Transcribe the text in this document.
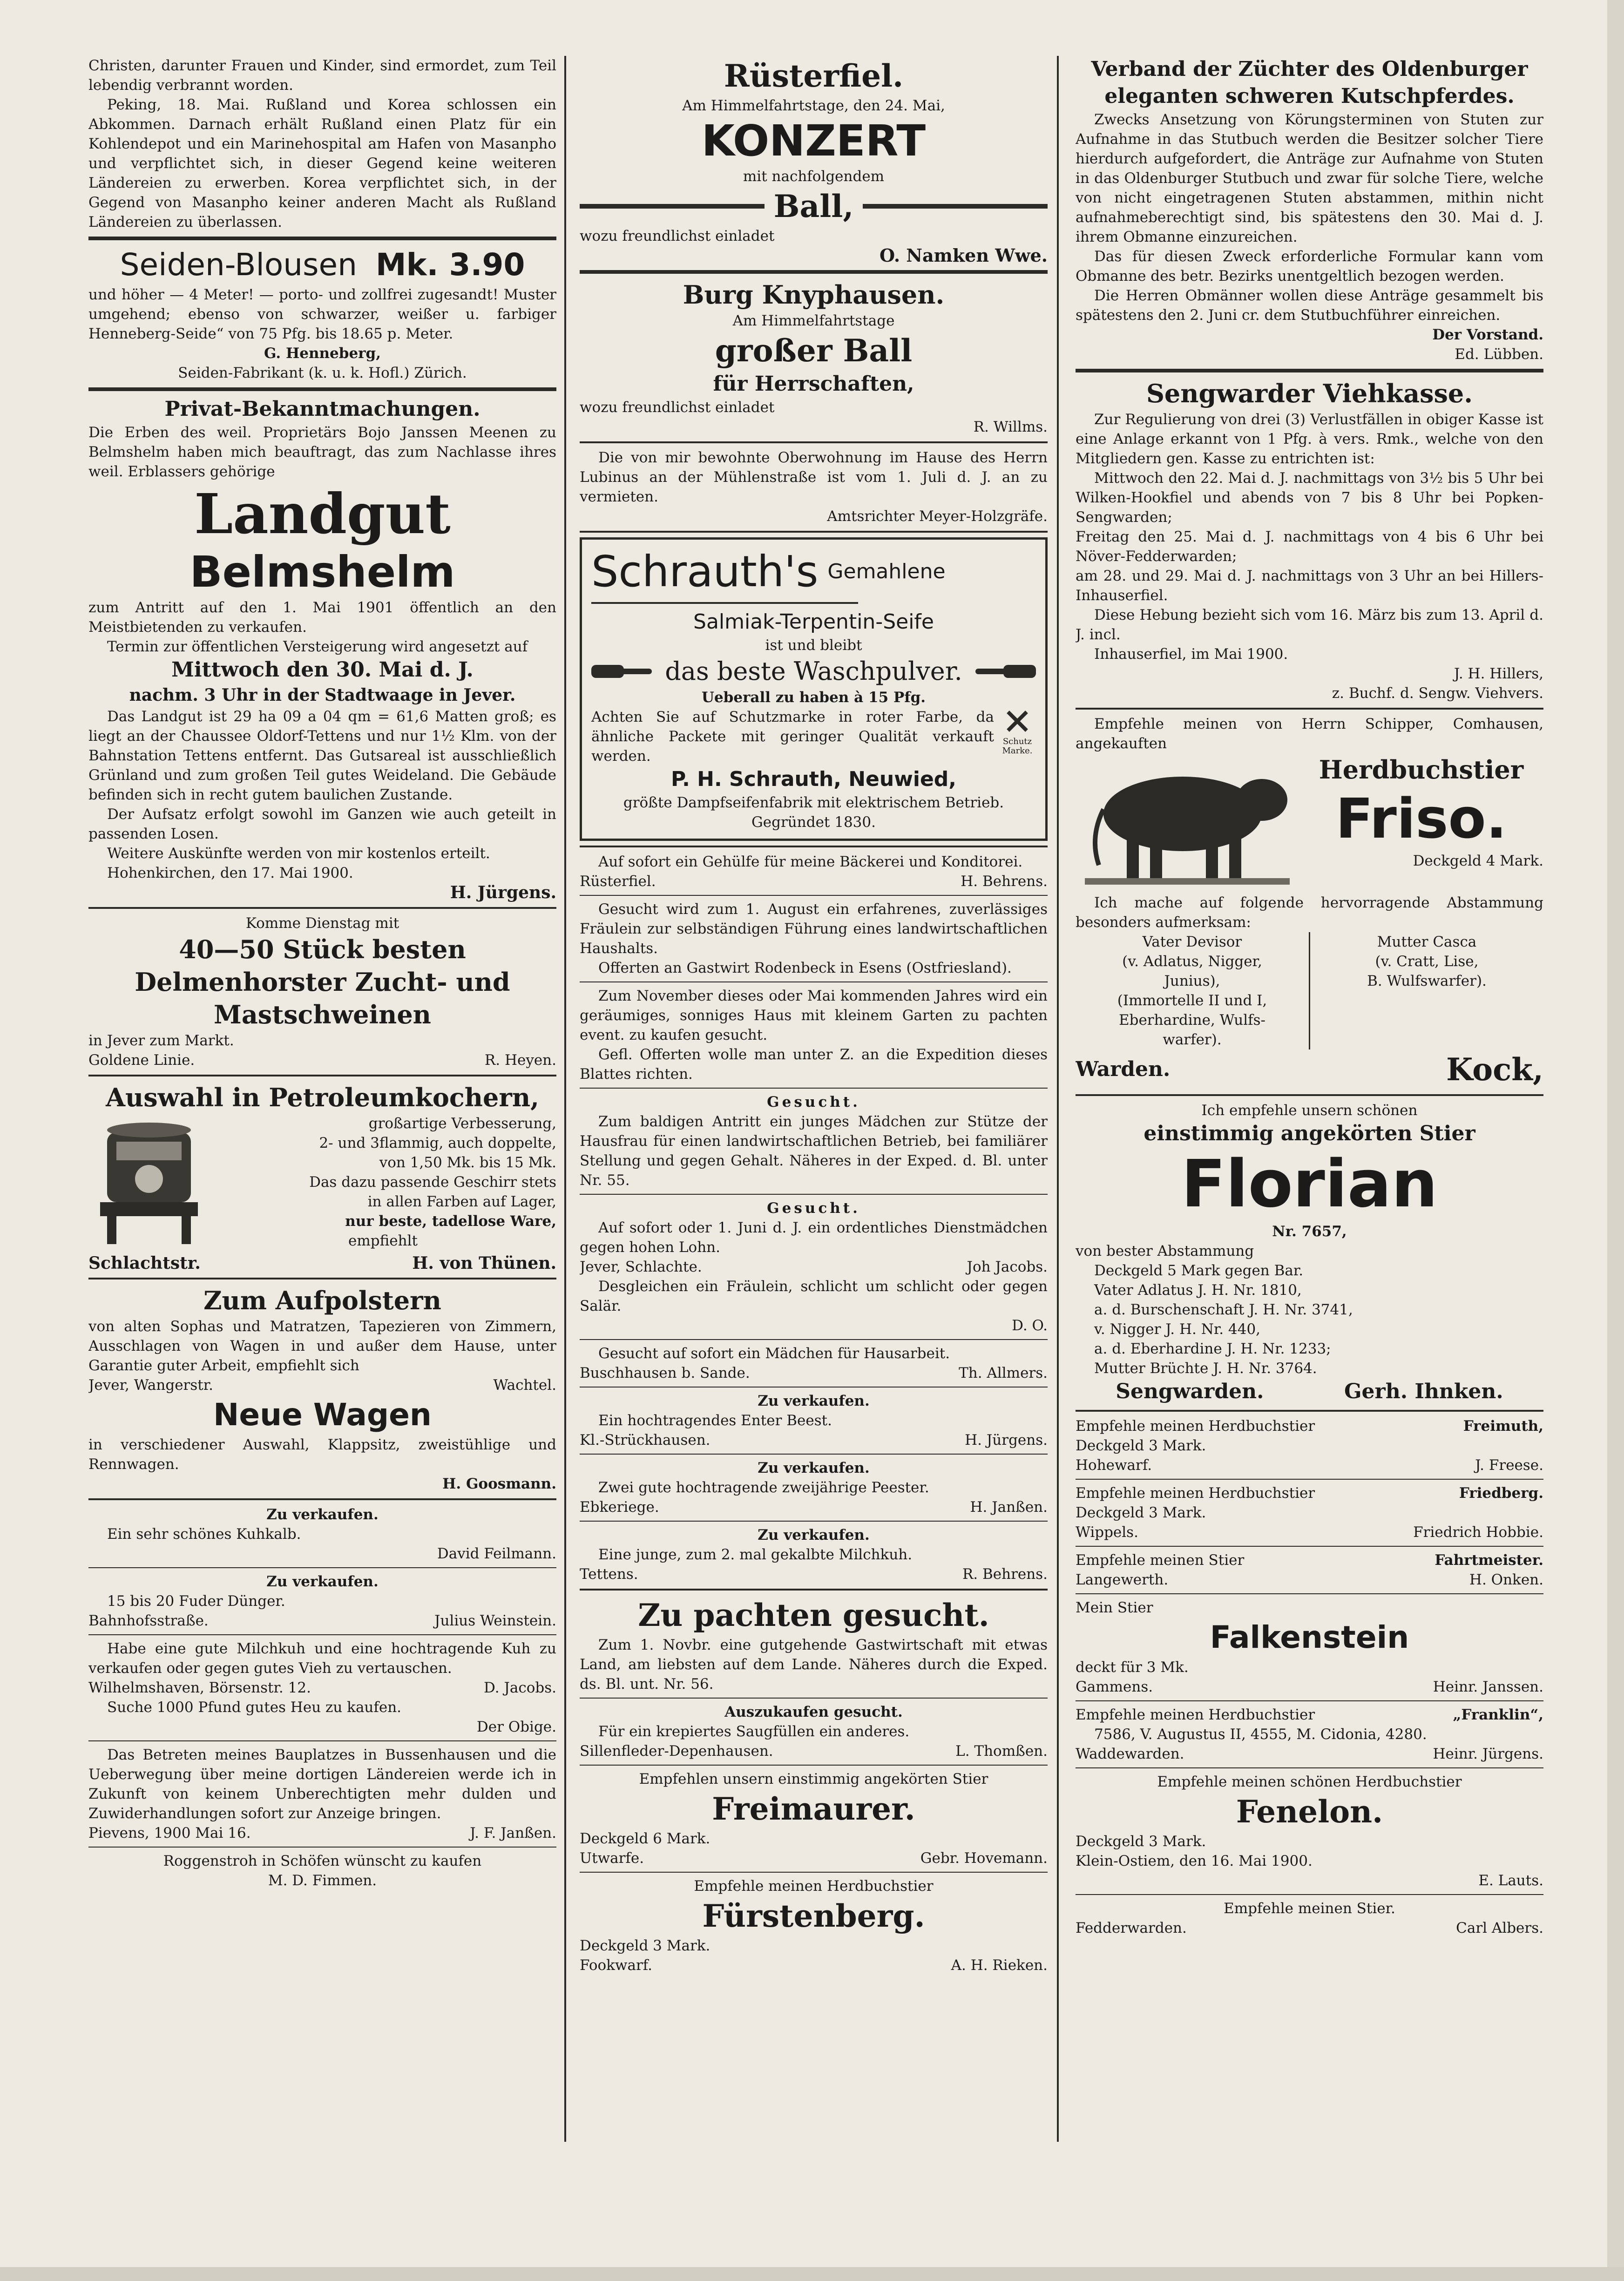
Christen, darunter Frauen und Kinder, sind ermordet, zum Teil lebendig verbrannt worden.

Peking, 18. Mai. Rußland und Korea schlossen ein Abkommen. Darnach erhält Rußland einen Platz für ein Kohlendepot und ein Marinehospital am Hafen von Masanpho und verpflichtet sich, in dieser Gegend keine weiteren Ländereien zu erwerben. Korea verpflichtet sich, in der Gegend von Masanpho keiner anderen Macht als Rußland Ländereien zu überlassen.

Seiden-Blousen Mk. 3.90

und höher — 4 Meter! — porto- und zollfrei zugesandt! Muster umgehend; ebenso von schwarzer, weißer u. farbiger Henneberg-Seide“ von 75 Pfg. bis 18.65 p. Meter.

G. Henneberg,

Seiden-Fabrikant (k. u. k. Hofl.) Zürich.

Privat-Bekanntmachungen.

Die Erben des weil. Proprietärs Bojo Janssen Meenen zu Belmshelm haben mich beauftragt, das zum Nachlasse ihres weil. Erblassers gehörige

Landgut

Belmshelm

zum Antritt auf den 1. Mai 1901 öffentlich an den Meistbietenden zu verkaufen.

Termin zur öffentlichen Versteigerung wird angesetzt auf

Mittwoch den 30. Mai d. J.

nachm. 3 Uhr in der Stadtwaage in Jever.

Das Landgut ist 29 ha 09 a 04 qm = 61,6 Matten groß; es liegt an der Chaussee Oldorf-Tettens und nur 1½ Klm. von der Bahnstation Tettens entfernt. Das Gutsareal ist ausschließlich Grünland und zum großen Teil gutes Weideland. Die Gebäude befinden sich in recht gutem baulichen Zustande.

Der Aufsatz erfolgt sowohl im Ganzen wie auch geteilt in passenden Losen.

Weitere Auskünfte werden von mir kostenlos erteilt.

Hohenkirchen, den 17. Mai 1900.

H. Jürgens.

Komme Dienstag mit

40—50 Stück besten

Delmenhorster Zucht- und

Mastschweinen

in Jever zum Markt.

Goldene Linie.	R. Heyen.

Auswahl in Petroleumkochern,

großartige Verbesserung,

2- und 3flammig, auch doppelte,

von 1,50 Mk. bis 15 Mk.

Das dazu passende Geschirr stets

in allen Farben auf Lager,

nur beste, tadellose Ware,

empfiehlt

Schlachtstr.	H. von Thünen.

Zum Aufpolstern

von alten Sophas und Matratzen, Tapezieren von Zimmern, Ausschlagen von Wagen in und außer dem Hause, unter Garantie guter Arbeit, empfiehlt sich

Jever, Wangerstr.	Wachtel.

Neue Wagen

in verschiedener Auswahl, Klappsitz, zweistühlige und Rennwagen.

H. Goosmann.

Zu verkaufen.

Ein sehr schönes Kuhkalb.

David Feilmann.

Zu verkaufen.

15 bis 20 Fuder Dünger.

Bahnhofsstraße.	Julius Weinstein.

Habe eine gute Milchkuh und eine hochtragende Kuh zu verkaufen oder gegen gutes Vieh zu vertauschen.

Wilhelmshaven, Börsenstr. 12.	D. Jacobs.

Suche 1000 Pfund gutes Heu zu kaufen.

Der Obige.

Das Betreten meines Bauplatzes in Bussenhausen und die Ueberwegung über meine dortigen Ländereien werde ich in Zukunft von keinem Unberechtigten mehr dulden und Zuwiderhandlungen sofort zur Anzeige bringen.

Pievens, 1900 Mai 16.	J. F. Janßen.

Roggenstroh in Schöfen wünscht zu kaufen

M. D. Fimmen.

Rüsterfiel.

Am Himmelfahrtstage, den 24. Mai,

KONZERT

mit nachfolgendem

Ball,

wozu freundlichst einladet

O. Namken Wwe.

Burg Knyphausen.

Am Himmelfahrtstage

großer Ball

für Herrschaften,

wozu freundlichst einladet

R. Willms.

Die von mir bewohnte Oberwohnung im Hause des Herrn Lubinus an der Mühlenstraße ist vom 1. Juli d. J. an zu vermieten.

Amtsrichter Meyer-Holzgräfe.

Schrauth's Gemahlene

Salmiak-Terpentin-Seife

ist und bleibt

das beste Waschpulver.

Ueberall zu haben à 15 Pfg.

Achten Sie auf Schutzmarke in roter Farbe, da ähnliche Packete mit geringer Qualität verkauft werden.

Schutz Marke.

P. H. Schrauth, Neuwied,

größte Dampfseifenfabrik mit elektrischem Betrieb.

Gegründet 1830.

Auf sofort ein Gehülfe für meine Bäckerei und Konditorei.

Rüsterfiel.	H. Behrens.

Gesucht wird zum 1. August ein erfahrenes, zuverlässiges Fräulein zur selbständigen Führung eines landwirtschaftlichen Haushalts.

Offerten an Gastwirt Rodenbeck in Esens (Ostfriesland).

Zum November dieses oder Mai kommenden Jahres wird ein geräumiges, sonniges Haus mit kleinem Garten zu pachten event. zu kaufen gesucht.

Gefl. Offerten wolle man unter Z. an die Expedition dieses Blattes richten.

Gesucht.

Zum baldigen Antritt ein junges Mädchen zur Stütze der Hausfrau für einen landwirtschaftlichen Betrieb, bei familiärer Stellung und gegen Gehalt. Näheres in der Exped. d. Bl. unter Nr. 55.

Gesucht.

Auf sofort oder 1. Juni d. J. ein ordentliches Dienstmädchen gegen hohen Lohn.

Jever, Schlachte.	Joh Jacobs.

Desgleichen ein Fräulein, schlicht um schlicht oder gegen Salär.

D. O.

Gesucht auf sofort ein Mädchen für Hausarbeit.

Buschhausen b. Sande.	Th. Allmers.

Zu verkaufen.

Ein hochtragendes Enter Beest.

Kl.-Strückhausen.	H. Jürgens.

Zu verkaufen.

Zwei gute hochtragende zweijährige Peester.

Ebkeriege.	H. Janßen.

Zu verkaufen.

Eine junge, zum 2. mal gekalbte Milchkuh.

Tettens.	R. Behrens.

Zu pachten gesucht.

Zum 1. Novbr. eine gutgehende Gastwirtschaft mit etwas Land, am liebsten auf dem Lande. Näheres durch die Exped. ds. Bl. unt. Nr. 56.

Auszukaufen gesucht.

Für ein krepiertes Saugfüllen ein anderes.

Sillenfleder-Depenhausen.	L. Thomßen.

Empfehlen unsern einstimmig angekörten Stier

Freimaurer.

Deckgeld 6 Mark.

Utwarfe.	Gebr. Hovemann.

Empfehle meinen Herdbuchstier

Fürstenberg.

Deckgeld 3 Mark.

Fookwarf.	A. H. Rieken.

Verband der Züchter des Oldenburger

eleganten schweren Kutschpferdes.

Zwecks Ansetzung von Körungsterminen von Stuten zur Aufnahme in das Stutbuch werden die Besitzer solcher Tiere hierdurch aufgefordert, die Anträge zur Aufnahme von Stuten in das Oldenburger Stutbuch und zwar für solche Tiere, welche von nicht eingetragenen Stuten abstammen, mithin nicht aufnahmeberechtigt sind, bis spätestens den 30. Mai d. J. ihrem Obmanne einzureichen.

Das für diesen Zweck erforderliche Formular kann vom Obmanne des betr. Bezirks unentgeltlich bezogen werden.

Die Herren Obmänner wollen diese Anträge gesammelt bis spätestens den 2. Juni cr. dem Stutbuchführer einreichen.

Der Vorstand.

Ed. Lübben.

Sengwarder Viehkasse.

Zur Regulierung von drei (3) Verlustfällen in obiger Kasse ist eine Anlage erkannt von 1 Pfg. à vers. Rmk., welche von den Mitgliedern gen. Kasse zu entrichten ist:

Mittwoch den 22. Mai d. J. nachmittags von 3½ bis 5 Uhr bei Wilken-Hookfiel und abends von 7 bis 8 Uhr bei Popken-Sengwarden;

Freitag den 25. Mai d. J. nachmittags von 4 bis 6 Uhr bei Növer-Fedderwarden;

am 28. und 29. Mai d. J. nachmittags von 3 Uhr an bei Hillers-Inhauserfiel.

Diese Hebung bezieht sich vom 16. März bis zum 13. April d. J. incl.

Inhauserfiel, im Mai 1900.

J. H. Hillers,

z. Buchf. d. Sengw. Viehvers.

Empfehle meinen von Herrn Schipper, Comhausen, angekauften

Herdbuchstier

Friso.

Deckgeld 4 Mark.

Ich mache auf folgende hervorragende Abstammung besonders aufmerksam:

Vater Devisor

(v. Adlatus, Nigger,

Junius),

(Immortelle II und I,

Eberhardine, Wulfs-

warfer).

Mutter Casca

(v. Cratt, Lise,

B. Wulfswarfer).

Warden.	Kock,

Ich empfehle unsern schönen

einstimmig angekörten Stier

Florian

Nr. 7657,

von bester Abstammung

Deckgeld 5 Mark gegen Bar.

Vater Adlatus J. H. Nr. 1810,

a. d. Burschenschaft J. H. Nr. 3741,

v. Nigger J. H. Nr. 440,

a. d. Eberhardine J. H. Nr. 1233;

Mutter Brüchte J. H. Nr. 3764.

Sengwarden.	Gerh. Ihnken.
Empfehle meinen Herdbuchstier	Freimuth,

Deckgeld 3 Mark.

Hohewarf.	J. Freese.
Empfehle meinen Herdbuchstier	Friedberg.

Deckgeld 3 Mark.

Wippels.	Friedrich Hobbie.
Empfehle meinen Stier	Fahrtmeister.
Langewerth.	H. Onken.

Mein Stier

Falkenstein

deckt für 3 Mk.

Gammens.	Heinr. Janssen.
Empfehle meinen Herdbuchstier	„Franklin“,

7586, V. Augustus II, 4555, M. Cidonia, 4280.

Waddewarden.	Heinr. Jürgens.

Empfehle meinen schönen Herdbuchstier

Fenelon.

Deckgeld 3 Mark.

Klein-Ostiem, den 16. Mai 1900.

E. Lauts.

Empfehle meinen Stier.

Fedderwarden.	Carl Albers.
